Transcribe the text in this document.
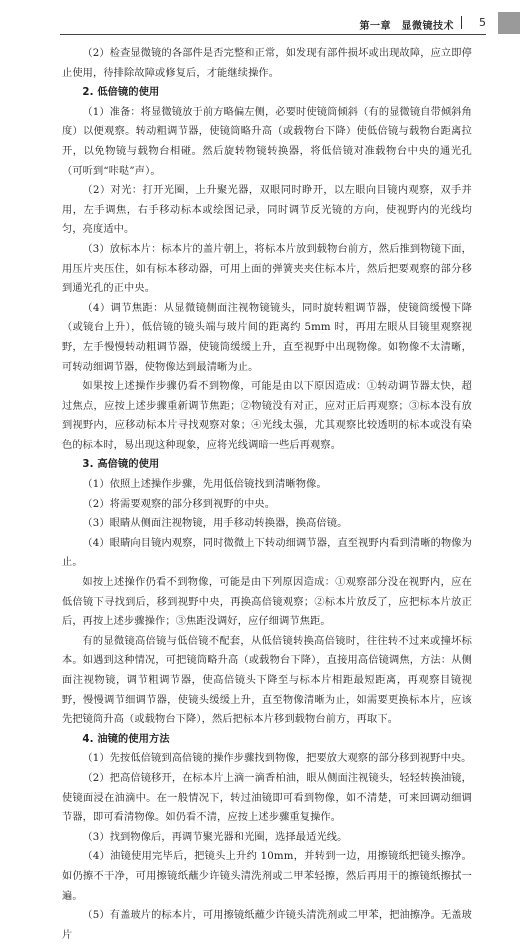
第一章　显微镜技术 5

（2）检查显微镜的各部件是否完整和正常，如发现有部件损坏或出现故障，应立即停止使用，待排除故障或修复后，才能继续操作。

2. 低倍镜的使用

（1）准备：将显微镜放于前方略偏左侧，必要时使镜筒倾斜（有的显微镜自带倾斜角度）以便观察。转动粗调节器，使镜筒略升高（或载物台下降）使低倍镜与载物台距离拉开，以免物镜与载物台相碰。然后旋转物镜转换器，将低倍镜对准载物台中央的通光孔（可听到“咔哒”声）。

（2）对光：打开光圈，上升聚光器，双眼同时睁开，以左眼向目镜内观察，双手并用，左手调焦，右手移动标本或绘图记录，同时调节反光镜的方向，使视野内的光线均匀，亮度适中。

（3）放标本片：标本片的盖片朝上，将标本片放到载物台前方，然后推到物镜下面，用压片夹压住，如有标本移动器，可用上面的弹簧夹夹住标本片，然后把要观察的部分移到通光孔的正中央。

（4）调节焦距：从显微镜侧面注视物镜镜头，同时旋转粗调节器，使镜筒缓慢下降（或镜台上升），低倍镜的镜头端与玻片间的距离约 5mm 时，再用左眼从目镜里观察视野，左手慢慢转动粗调节器，使镜筒缓缓上升，直至视野中出现物像。如物像不太清晰，可转动细调节器，使物像达到最清晰为止。

如果按上述操作步骤仍看不到物像，可能是由以下原因造成：①转动调节器太快，超过焦点，应按上述步骤重新调节焦距；②物镜没有对正，应对正后再观察；③标本没有放到视野内，应移动标本片寻找观察对象；④光线太强，尤其观察比较透明的标本或没有染色的标本时，易出现这种现象，应将光线调暗一些后再观察。

3. 高倍镜的使用

（1）依照上述操作步骤，先用低倍镜找到清晰物像。

（2）将需要观察的部分移到视野的中央。

（3）眼睛从侧面注视物镜，用手移动转换器，换高倍镜。

（4）眼睛向目镜内观察，同时微微上下转动细调节器，直至视野内看到清晰的物像为止。

如按上述操作仍看不到物像，可能是由下列原因造成：①观察部分没在视野内，应在低倍镜下寻找到后，移到视野中央，再换高倍镜观察；②标本片放反了，应把标本片放正后，再按上述步骤操作；③焦距没调好，应仔细调节焦距。

有的显微镜高倍镜与低倍镜不配套，从低倍镜转换高倍镜时，往往转不过来或撞坏标本。如遇到这种情况，可把镜筒略升高（或载物台下降），直接用高倍镜调焦，方法：从侧面注视物镜，调节粗调节器，使高倍镜头下降至与标本片相距最短距离，再观察目镜视野，慢慢调节细调节器，使镜头缓缓上升，直至物像清晰为止，如需要更换标本片，应该先把镜筒升高（或载物台下降），然后把标本片移到载物台前方，再取下。

4. 油镜的使用方法

（1）先按低倍镜到高倍镜的操作步骤找到物像，把要放大观察的部分移到视野中央。

（2）把高倍镜移开，在标本片上滴一滴香柏油，眼从侧面注视镜头，轻轻转换油镜，使镜面浸在油滴中。在一般情况下，转过油镜即可看到物像，如不清楚，可来回调动细调节器，即可看清物像。如仍看不清，应按上述步骤重复操作。

（3）找到物像后，再调节聚光器和光圈，选择最适光线。

（4）油镜使用完毕后，把镜头上升约 10mm，并转到一边，用擦镜纸把镜头擦净。如仍擦不干净，可用擦镜纸蘸少许镜头清洗剂或二甲苯轻擦，然后再用干的擦镜纸擦拭一遍。

（5）有盖玻片的标本片，可用擦镜纸蘸少许镜头清洗剂或二甲苯，把油擦净。无盖玻片
